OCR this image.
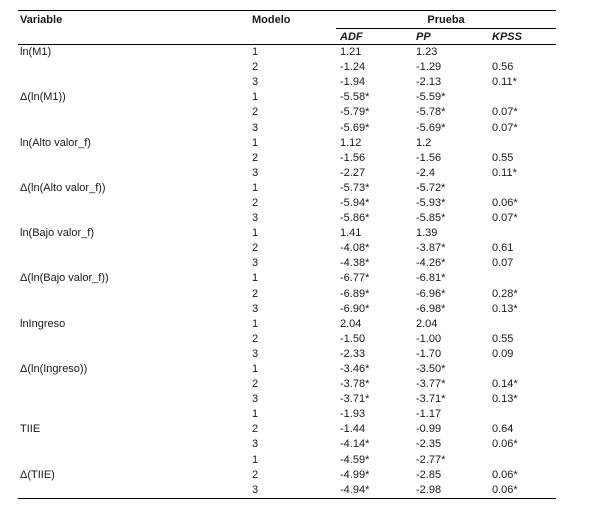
Variable	Modelo	Prueba		
		ADF	PP	KPSS
ln(M1)	1	1.21	1.23	
	2	-1.24	-1.29	0.56
	3	-1.94	-2.13	0.11*
Δ(ln(M1))	1	-5.58*	-5.59*	
	2	-5.79*	-5.78*	0.07*
	3	-5.69*	-5.69*	0.07*
ln(Alto valor_f)	1	1.12	1.2	
	2	-1.56	-1.56	0.55
	3	-2.27	-2.4	0.11*
Δ(ln(Alto valor_f))	1	-5.73*	-5.72*	
	2	-5.94*	-5.93*	0.06*
	3	-5.86*	-5.85*	0.07*
ln(Bajo valor_f)	1	1.41	1.39	
	2	-4.08*	-3.87*	0.61
	3	-4.38*	-4.26*	0.07
Δ(ln(Bajo valor_f))	1	-6.77*	-6.81*	
	2	-6.89*	-6.96*	0.28*
	3	-6.90*	-6.98*	0.13*
lnIngreso	1	2.04	2.04	
	2	-1.50	-1.00	0.55
	3	-2.33	-1.70	0.09
Δ(ln(Ingreso))	1	-3.46*	-3.50*	
	2	-3.78*	-3.77*	0.14*
	3	-3.71*	-3.71*	0.13*
	1	-1.93	-1.17	
TIIE	2	-1.44	-0.99	0.64
	3	-4.14*	-2.35	0.06*
	1	-4.59*	-2.77*	
Δ(TIIE)	2	-4.99*	-2.85	0.06*
	3	-4.94*	-2.98	0.06*
